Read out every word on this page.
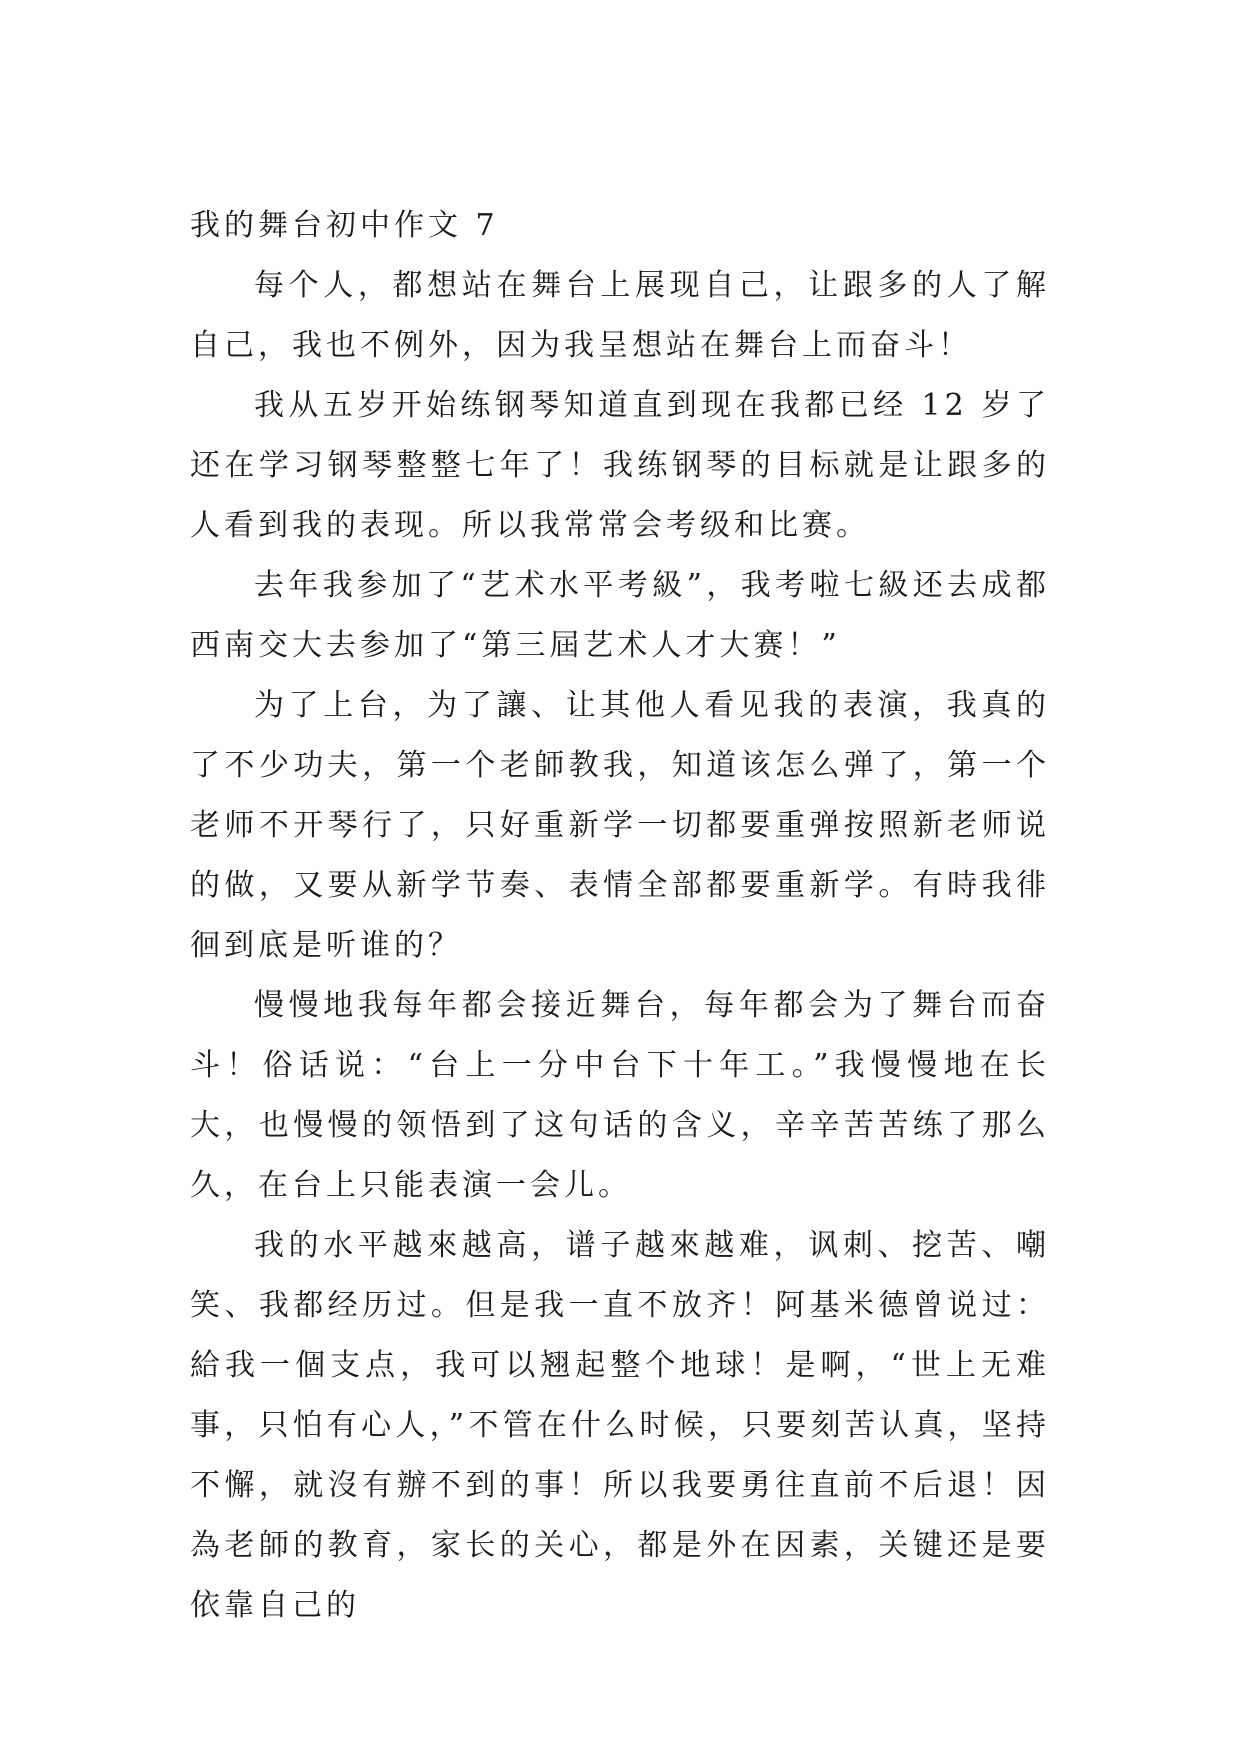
我的舞台初中作文 7

每个人，都想站在舞台上展现自己，让跟多的人了解自己，我也不例外，因为我呈想站在舞台上而奋斗！

我从五岁开始练钢琴知道直到现在我都已经 12 岁了还在学习钢琴整整七年了！我练钢琴的目标就是让跟多的人看到我的表现。所以我常常会考级和比赛。

去年我参加了“艺术水平考級”，我考啦七級还去成都西南交大去参加了“第三屆艺术人才大赛！”

为了上台，为了讓、让其他人看见我的表演，我真的了不少功夫，第一个老師教我，知道该怎么弹了，第一个老师不开琴行了，只好重新学一切都要重弹按照新老师说的做，又要从新学节奏、表情全部都要重新学。有時我徘徊到底是听谁的？

慢慢地我每年都会接近舞台，每年都会为了舞台而奋斗！俗话说：“台上一分中台下十年工。”我慢慢地在长大，也慢慢的领悟到了这句话的含义，辛辛苦苦练了那么久，在台上只能表演一会儿。

我的水平越來越高，谱子越來越难，讽刺、挖苦、嘲笑、我都经历过。但是我一直不放齐！阿基米德曾说过：給我一個支点，我可以翘起整个地球！是啊，“世上无难事，只怕有心人，”不管在什么时候，只要刻苦认真，坚持不懈，就沒有辦不到的事！所以我要勇往直前不后退！因為老師的教育，家长的关心，都是外在因素，关键还是要依靠自己的
